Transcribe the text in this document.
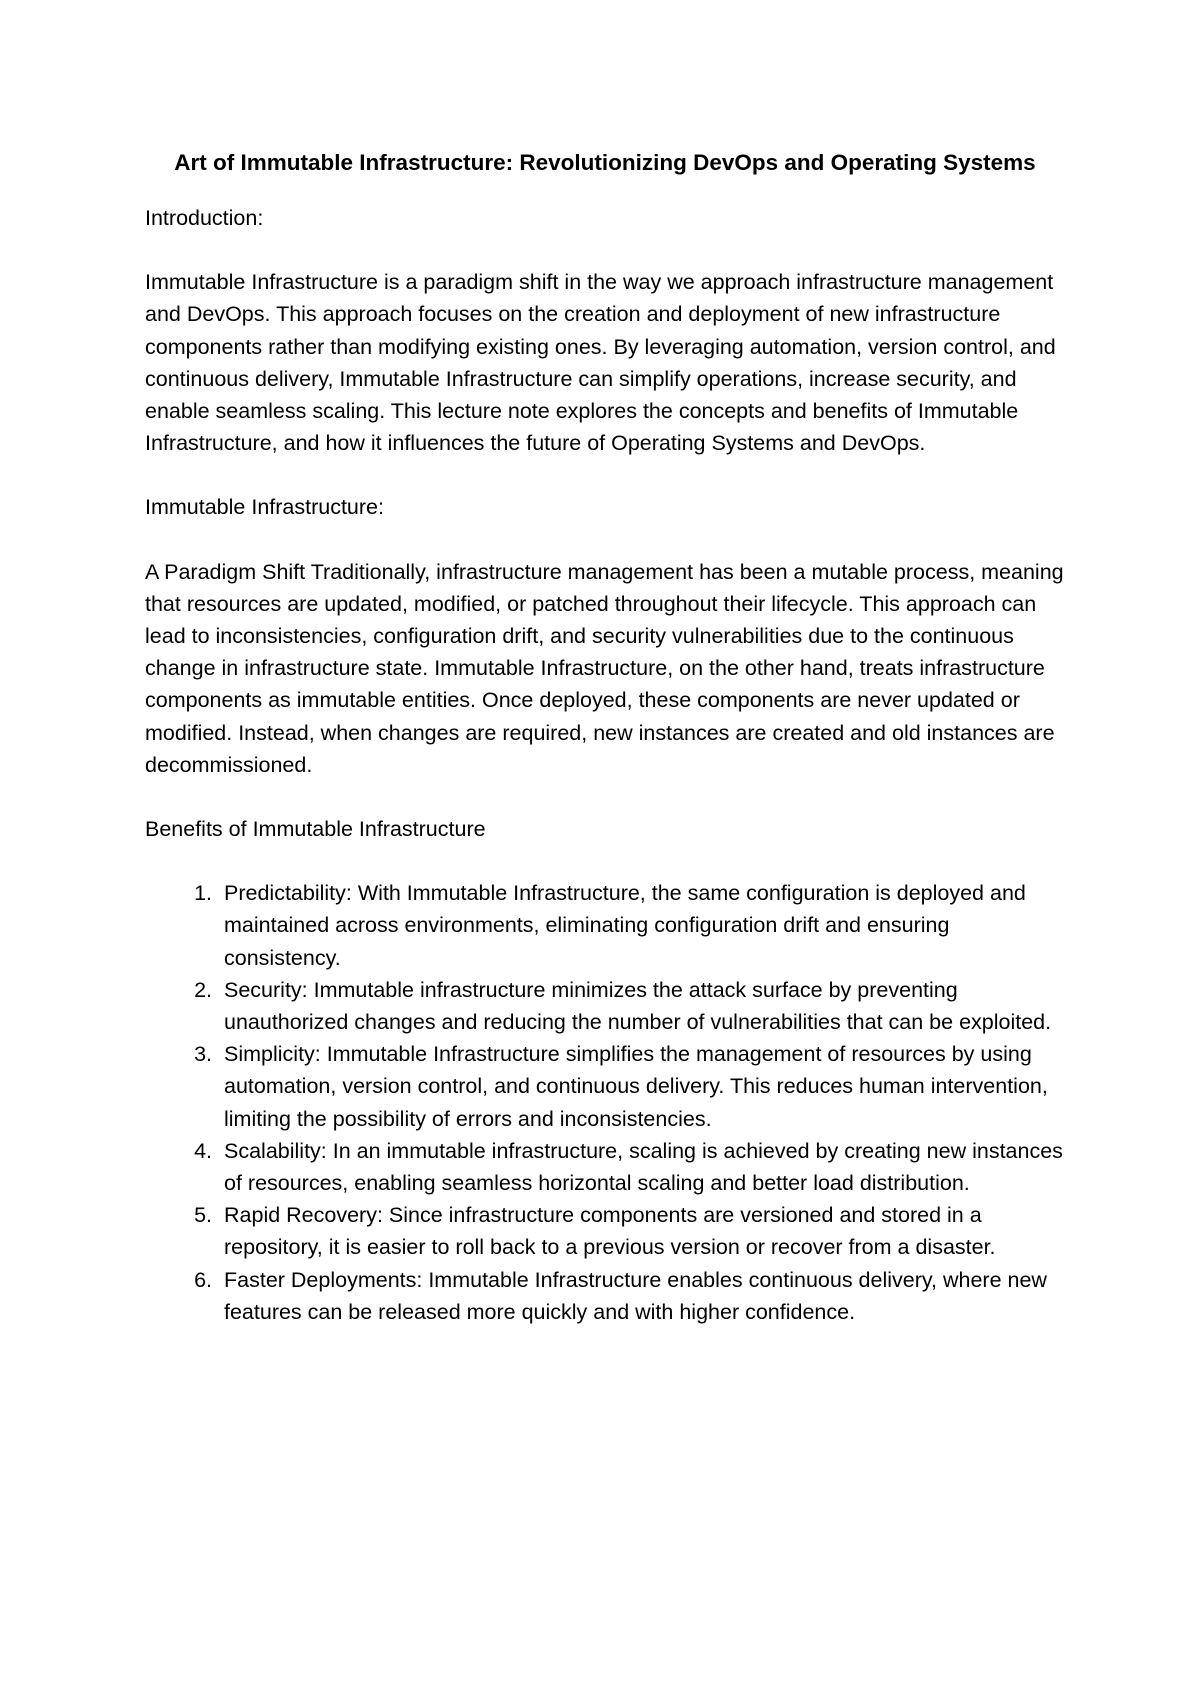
Art of Immutable Infrastructure: Revolutionizing DevOps and Operating Systems
Introduction:
Immutable Infrastructure is a paradigm shift in the way we approach infrastructure management and DevOps. This approach focuses on the creation and deployment of new infrastructure components rather than modifying existing ones. By leveraging automation, version control, and continuous delivery, Immutable Infrastructure can simplify operations, increase security, and enable seamless scaling. This lecture note explores the concepts and benefits of Immutable Infrastructure, and how it influences the future of Operating Systems and DevOps.
Immutable Infrastructure:
A Paradigm Shift Traditionally, infrastructure management has been a mutable process, meaning that resources are updated, modified, or patched throughout their lifecycle. This approach can lead to inconsistencies, configuration drift, and security vulnerabilities due to the continuous change in infrastructure state. Immutable Infrastructure, on the other hand, treats infrastructure components as immutable entities. Once deployed, these components are never updated or modified. Instead, when changes are required, new instances are created and old instances are decommissioned.
Benefits of Immutable Infrastructure
1. Predictability: With Immutable Infrastructure, the same configuration is deployed and maintained across environments, eliminating configuration drift and ensuring consistency.
2. Security: Immutable infrastructure minimizes the attack surface by preventing unauthorized changes and reducing the number of vulnerabilities that can be exploited.
3. Simplicity: Immutable Infrastructure simplifies the management of resources by using automation, version control, and continuous delivery. This reduces human intervention, limiting the possibility of errors and inconsistencies.
4. Scalability: In an immutable infrastructure, scaling is achieved by creating new instances of resources, enabling seamless horizontal scaling and better load distribution.
5. Rapid Recovery: Since infrastructure components are versioned and stored in a repository, it is easier to roll back to a previous version or recover from a disaster.
6. Faster Deployments: Immutable Infrastructure enables continuous delivery, where new features can be released more quickly and with higher confidence.
